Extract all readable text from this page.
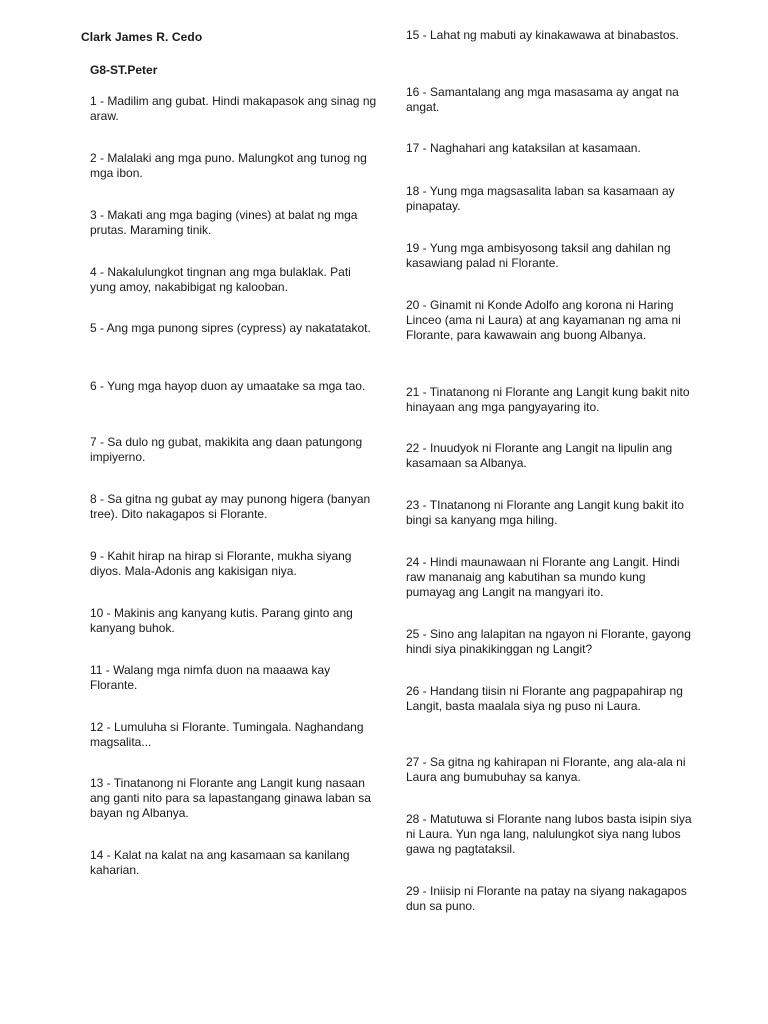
Clark James R. Cedo
G8-ST.Peter
1 - Madilim ang gubat. Hindi makapasok ang sinag ng araw.
2 - Malalaki ang mga puno. Malungkot ang tunog ng mga ibon.
3 - Makati ang mga baging (vines) at balat ng mga prutas. Maraming tinik.
4 - Nakalulungkot tingnan ang mga bulaklak. Pati yung amoy, nakabibigat ng kalooban.
5 - Ang mga punong sipres (cypress) ay nakatatakot.
6 - Yung mga hayop duon ay umaatake sa mga tao.
7 - Sa dulo ng gubat, makikita ang daan patungong impiyerno.
8 - Sa gitna ng gubat ay may punong higera (banyan tree). Dito nakagapos si Florante.
9 - Kahit hirap na hirap si Florante, mukha siyang diyos. Mala-Adonis ang kakisigan niya.
10 - Makinis ang kanyang kutis. Parang ginto ang kanyang buhok.
11 - Walang mga nimfa duon na maaawa kay Florante.
12 - Lumuluha si Florante. Tumingala. Naghandang magsalita...
13 - Tinatanong ni Florante ang Langit kung nasaan ang ganti nito para sa lapastangang ginawa laban sa bayan ng Albanya.
14 - Kalat na kalat na ang kasamaan sa kanilang kaharian.
15 - Lahat ng mabuti ay kinakawawa at binabastos.
16 - Samantalang ang mga masasama ay angat na angat.
17 - Naghahari ang kataksilan at kasamaan.
18 - Yung mga magsasalita laban sa kasamaan ay pinapatay.
19 - Yung mga ambisyosong taksil ang dahilan ng kasawiang palad ni Florante.
20 - Ginamit ni Konde Adolfo ang korona ni Haring Linceo (ama ni Laura) at ang kayamanan ng ama ni Florante, para kawawain ang buong Albanya.
21 - Tinatanong ni Florante ang Langit kung bakit nito hinayaan ang mga pangyayaring ito.
22 - Inuudyok ni Florante ang Langit na lipulin ang kasamaan sa Albanya.
23 - TInatanong ni Florante ang Langit kung bakit ito bingi sa kanyang mga hiling.
24 - Hindi maunawaan ni Florante ang Langit. Hindi raw mananaig ang kabutihan sa mundo kung pumayag ang Langit na mangyari ito.
25 - Sino ang lalapitan na ngayon ni Florante, gayong hindi siya pinakikinggan ng Langit?
26 - Handang tiisin ni Florante ang pagpapahirap ng Langit, basta maalala siya ng puso ni Laura.
27 - Sa gitna ng kahirapan ni Florante, ang ala-ala ni Laura ang bumubuhay sa kanya.
28 - Matutuwa si Florante nang lubos basta isipin siya ni Laura. Yun nga lang, nalulungkot siya nang lubos gawa ng pagtataksil.
29 - Iniisip ni Florante na patay na siyang nakagapos dun sa puno.
